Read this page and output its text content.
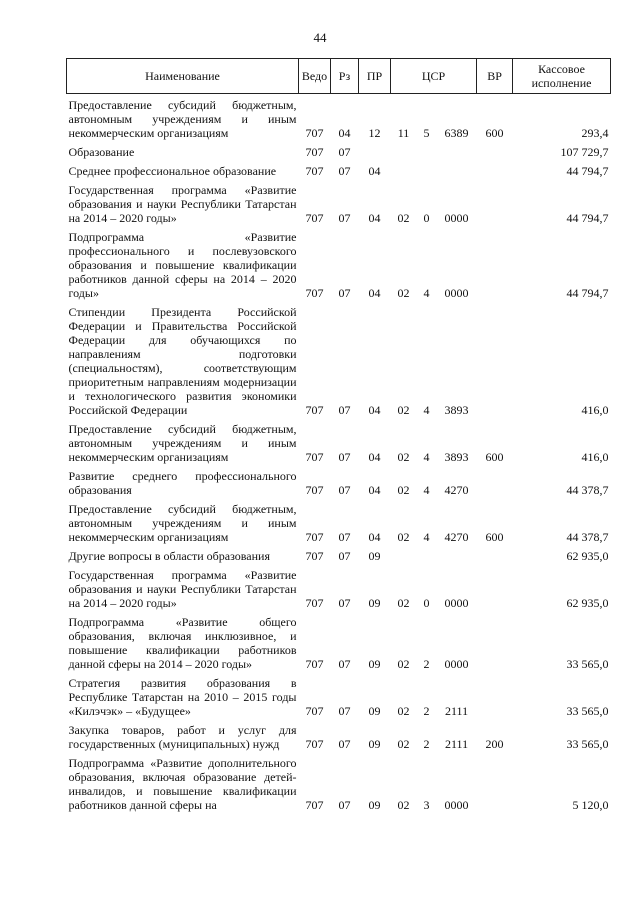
44
Наименование	Ведо	Рз	ПР	ЦСР			ВР	Кассовое исполнение
Предоставление субсидий бюджетным, автономным учреждениям и иным некоммерческим организациям	707	04	12	11	5	6389	600	293,4
Образование	707	07						107 729,7
Среднее профессиональное образование	707	07	04					44 794,7
Государственная программа «Развитие образования и науки Республики Татарстан на 2014 – 2020 годы»	707	07	04	02	0	0000		44 794,7
Подпрограмма «Развитие профессионального и послевузовского образования и повышение квалификации работников данной сферы на 2014 – 2020 годы»	707	07	04	02	4	0000		44 794,7
Стипендии Президента Российской Федерации и Правительства Российской Федерации для обучающихся по направлениям подготовки (специальностям), соответствующим приоритетным направлениям модернизации и технологического развития экономики Российской Федерации	707	07	04	02	4	3893		416,0
Предоставление субсидий бюджетным, автономным учреждениям и иным некоммерческим организациям	707	07	04	02	4	3893	600	416,0
Развитие среднего профессионального образования	707	07	04	02	4	4270		44 378,7
Предоставление субсидий бюджетным, автономным учреждениям и иным некоммерческим организациям	707	07	04	02	4	4270	600	44 378,7
Другие вопросы в области образования	707	07	09					62 935,0
Государственная программа «Развитие образования и науки Республики Татарстан на 2014 – 2020 годы»	707	07	09	02	0	0000		62 935,0
Подпрограмма «Развитие общего образования, включая инклюзивное, и повышение квалификации работников данной сферы на 2014 – 2020 годы»	707	07	09	02	2	0000		33 565,0
Стратегия развития образования в Республике Татарстан на 2010 – 2015 годы «Килэчэк» – «Будущее»	707	07	09	02	2	2111		33 565,0
Закупка товаров, работ и услуг для государственных (муниципальных) нужд	707	07	09	02	2	2111	200	33 565,0
Подпрограмма «Развитие дополнительного образования, включая образование детей-инвалидов, и повышение квалификации работников данной сферы на	707	07	09	02	3	0000		5 120,0
